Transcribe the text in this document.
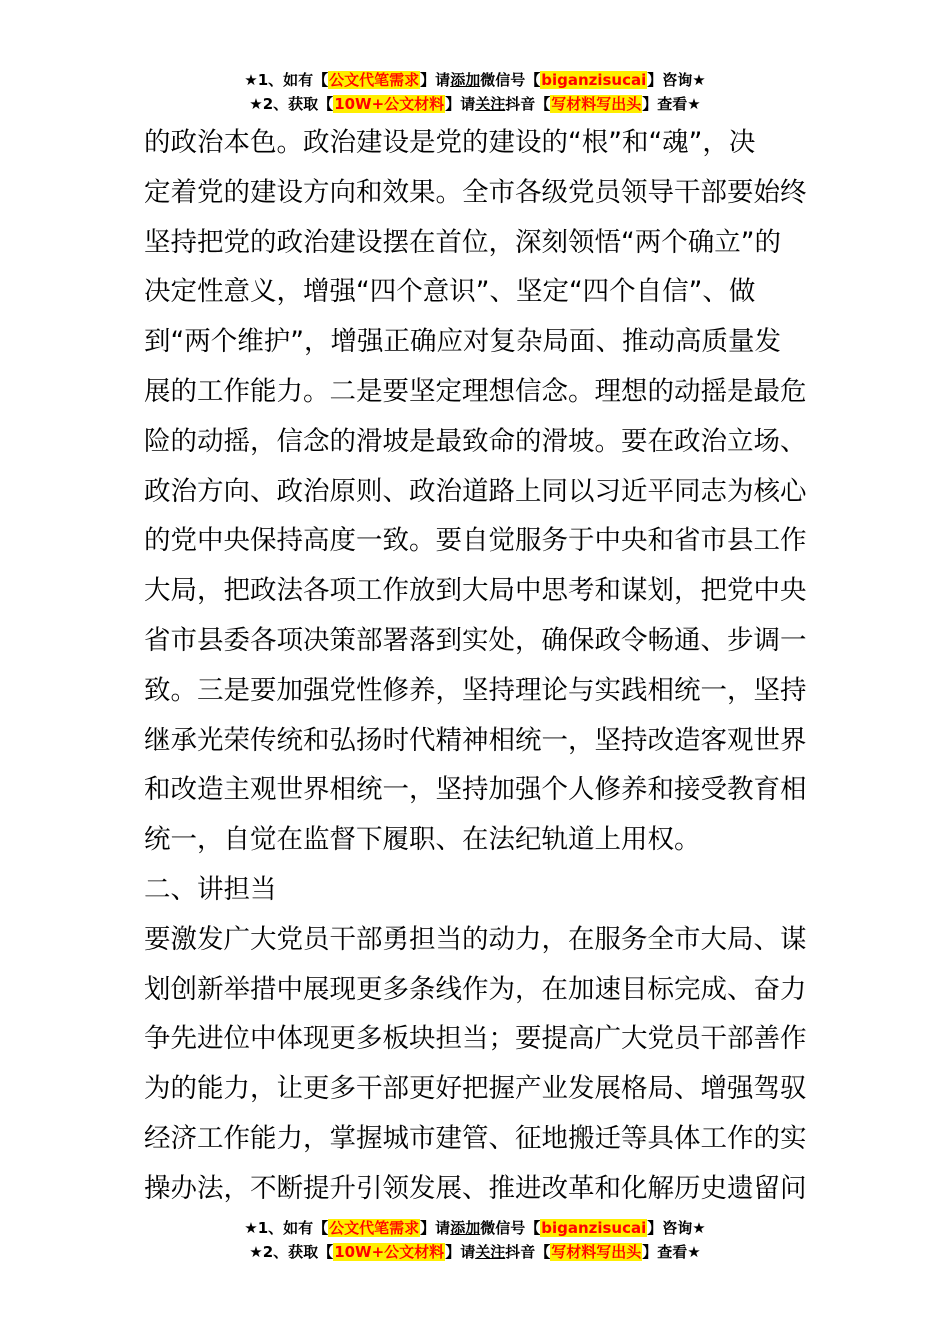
★1、如有【公文代笔需求】请添加微信号【biganzisucai】咨询★
★2、获取【10W+公文材料】请关注抖音【写材料写出头】查看★
的政治本色。政治建设是党的建设的“根”和“魂”，决
定着党的建设方向和效果。全市各级党员领导干部要始终
坚持把党的政治建设摆在首位，深刻领悟“两个确立”的
决定性意义，增强“四个意识”、坚定“四个自信”、做
到“两个维护”，增强正确应对复杂局面、推动高质量发
展的工作能力。二是要坚定理想信念。理想的动摇是最危
险的动摇，信念的滑坡是最致命的滑坡。要在政治立场、
政治方向、政治原则、政治道路上同以习近平同志为核心
的党中央保持高度一致。要自觉服务于中央和省市县工作
大局，把政法各项工作放到大局中思考和谋划，把党中央
省市县委各项决策部署落到实处，确保政令畅通、步调一
致。三是要加强党性修养，坚持理论与实践相统一，坚持
继承光荣传统和弘扬时代精神相统一，坚持改造客观世界
和改造主观世界相统一，坚持加强个人修养和接受教育相
统一，自觉在监督下履职、在法纪轨道上用权。
二、讲担当
要激发广大党员干部勇担当的动力，在服务全市大局、谋
划创新举措中展现更多条线作为，在加速目标完成、奋力
争先进位中体现更多板块担当；要提高广大党员干部善作
为的能力，让更多干部更好把握产业发展格局、增强驾驭
经济工作能力，掌握城市建管、征地搬迁等具体工作的实
操办法，不断提升引领发展、推进改革和化解历史遗留问
★1、如有【公文代笔需求】请添加微信号【biganzisucai】咨询★
★2、获取【10W+公文材料】请关注抖音【写材料写出头】查看★
